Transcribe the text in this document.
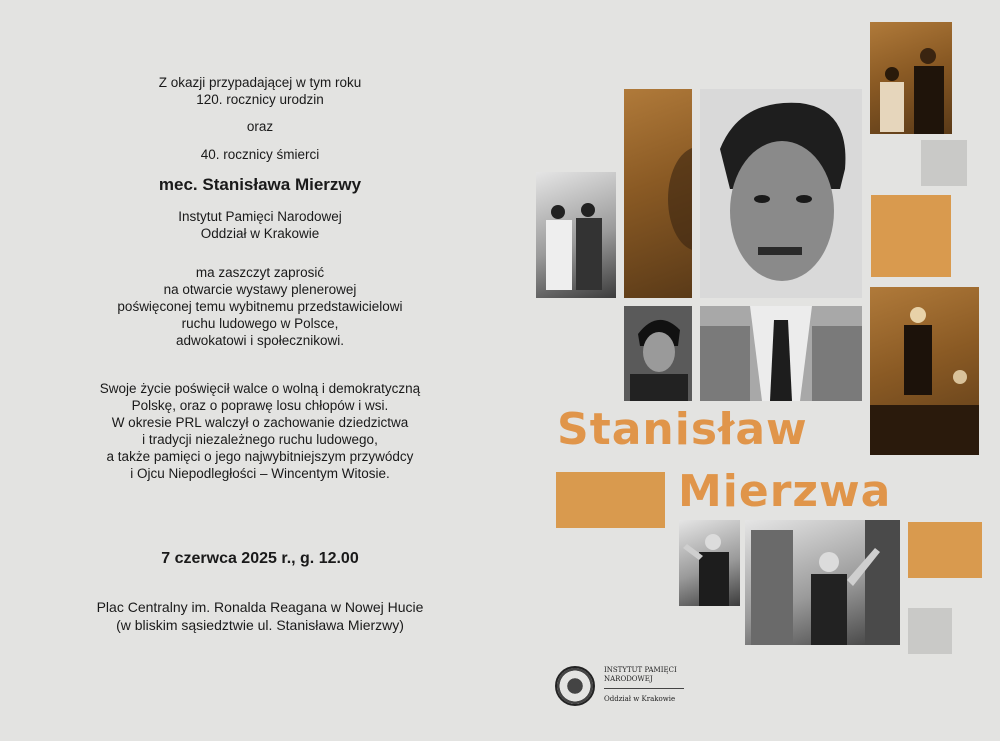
Z okazji przypadającej w tym roku
120. rocznicy urodzin

oraz

40. rocznicy śmierci

mec. Stanisława Mierzwy

Instytut Pamięci Narodowej
Oddział w Krakowie

ma zaszczyt zaprosić
na otwarcie wystawy plenerowej
poświęconej temu wybitnemu przedstawicielowi
ruchu ludowego w Polsce,
adwokatowi i społecznikowi.

Swoje życie poświęcił walce o wolną i demokratyczną
Polskę, oraz o poprawę losu chłopów i wsi.
W okresie PRL walczył o zachowanie dziedzictwa
i tradycji niezależnego ruchu ludowego,
a także pamięci o jego najwybitniejszym przywódcy
i Ojcu Niepodległości – Wincentym Witosie.

7 czerwca 2025 r., g. 12.00

Plac Centralny im. Ronalda Reagana w Nowej Hucie
(w bliskim sąsiedztwie ul. Stanisława Mierzwy)

Stanisław
Mierzwa
INSTYTUT PAMIĘCI
NARODOWEJ
Oddział w Krakowie
